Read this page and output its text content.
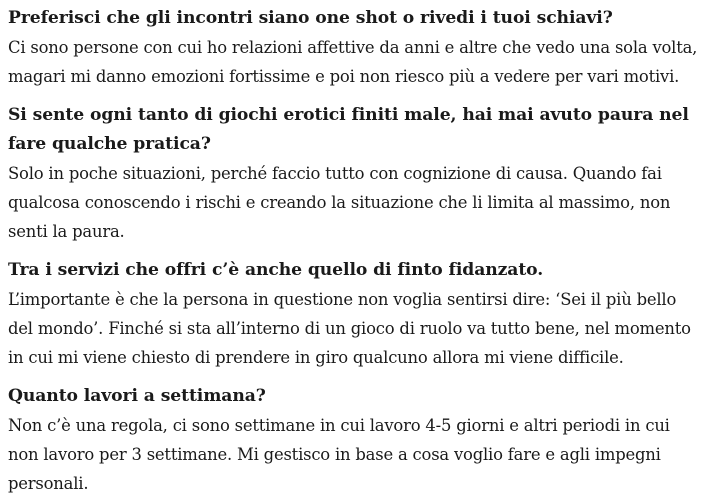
Preferisci che gli incontri siano one shot o rivedi i tuoi schiavi?

Ci sono persone con cui ho relazioni affettive da anni e altre che vedo una sola volta, magari mi danno emozioni fortissime e poi non riesco più a vedere per vari motivi.

Si sente ogni tanto di giochi erotici finiti male, hai mai avuto paura nel fare qualche pratica?

Solo in poche situazioni, perché faccio tutto con cognizione di causa. Quando fai qualcosa conoscendo i rischi e creando la situazione che li limita al massimo, non senti la paura.

Tra i servizi che offri c’è anche quello di finto fidanzato.

L’importante è che la persona in questione non voglia sentirsi dire: ‘Sei il più bello del mondo’. Finché si sta all’interno di un gioco di ruolo va tutto bene, nel momento in cui mi viene chiesto di prendere in giro qualcuno allora mi viene difficile.

Quanto lavori a settimana?

Non c’è una regola, ci sono settimane in cui lavoro 4-5 giorni e altri periodi in cui non lavoro per 3 settimane. Mi gestisco in base a cosa voglio fare e agli impegni personali.
